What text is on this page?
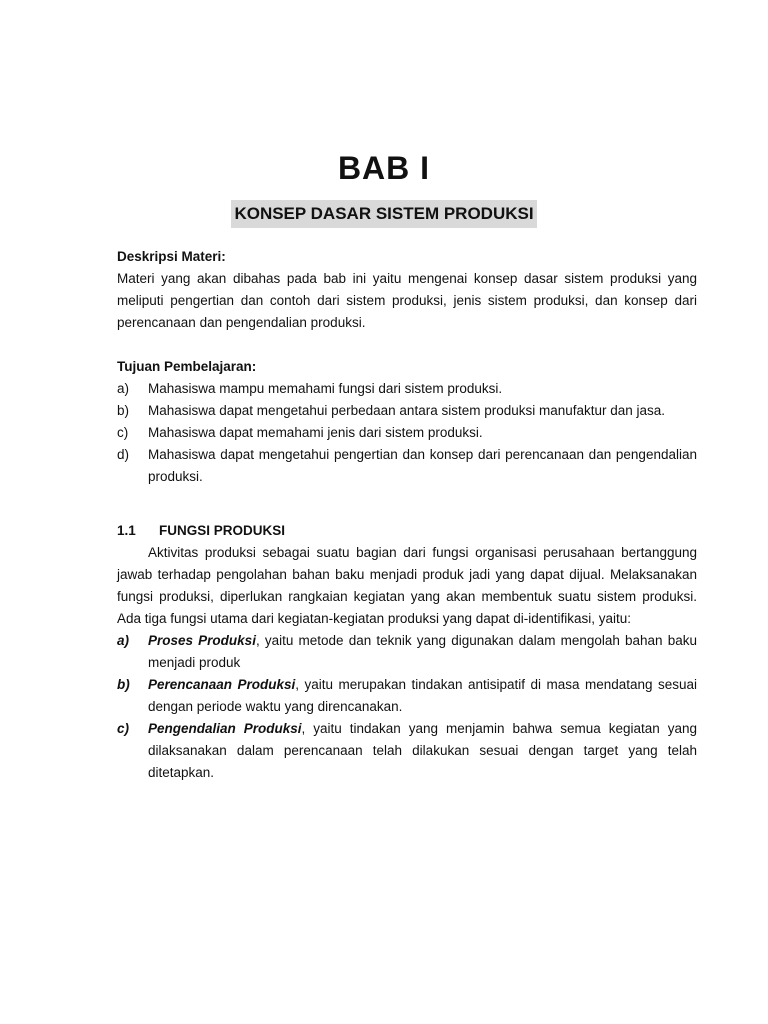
BAB I
KONSEP DASAR SISTEM PRODUKSI
Deskripsi Materi:
Materi yang akan dibahas pada bab ini yaitu mengenai konsep dasar sistem produksi yang meliputi pengertian dan contoh dari sistem produksi, jenis sistem produksi, dan konsep dari perencanaan dan pengendalian produksi.
Tujuan Pembelajaran:
a)	Mahasiswa mampu memahami fungsi dari sistem produksi.
b)	Mahasiswa dapat mengetahui perbedaan antara sistem produksi manufaktur dan jasa.
c)	Mahasiswa dapat memahami jenis dari sistem produksi.
d)	Mahasiswa dapat mengetahui pengertian dan konsep dari perencanaan dan pengendalian produksi.
1.1	FUNGSI PRODUKSI
Aktivitas produksi sebagai suatu bagian dari fungsi organisasi perusahaan bertanggung jawab terhadap pengolahan bahan baku menjadi produk jadi yang dapat dijual. Melaksanakan fungsi produksi, diperlukan rangkaian kegiatan yang akan membentuk suatu sistem produksi. Ada tiga fungsi utama dari kegiatan-kegiatan produksi yang dapat di-identifikasi, yaitu:
a)	Proses Produksi, yaitu metode dan teknik yang digunakan dalam mengolah bahan baku menjadi produk
b)	Perencanaan Produksi, yaitu merupakan tindakan antisipatif di masa mendatang sesuai dengan periode waktu yang direncanakan.
c)	Pengendalian Produksi, yaitu tindakan yang menjamin bahwa semua kegiatan yang dilaksanakan dalam perencanaan telah dilakukan sesuai dengan target yang telah ditetapkan.
